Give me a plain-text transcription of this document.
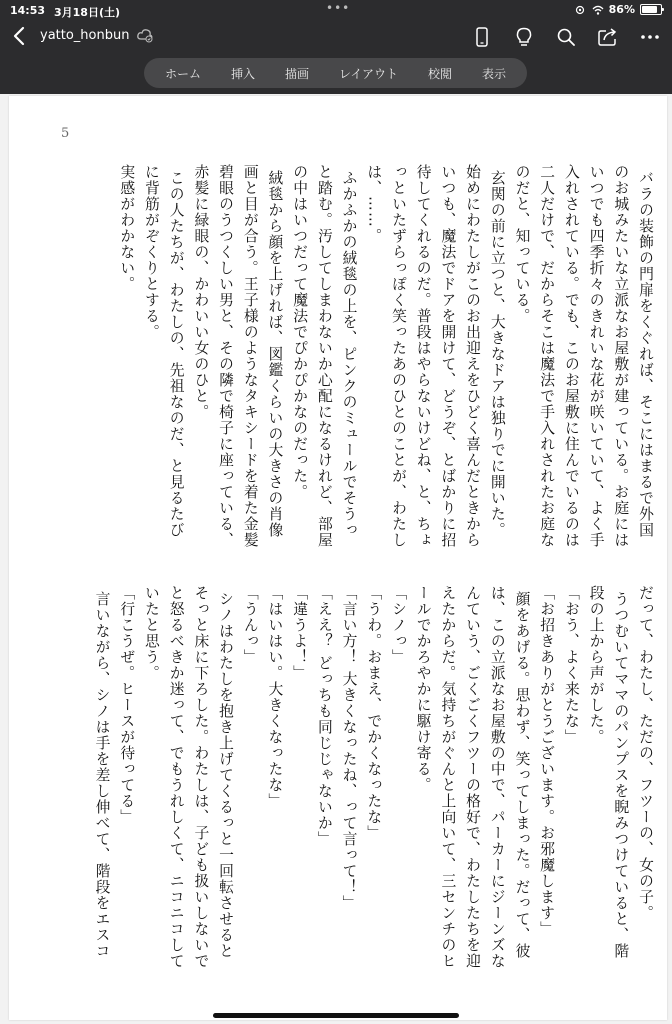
14:53 3月18日(土)	•••	86%
yatto_honbun
ホーム	挿入	描画	レイアウト	校閲	表示
5
バラの装飾の門扉をくぐれば、そこにはまるで外国
のお城みたいな立派なお屋敷が建っている。お庭には
いつでも四季折々のきれいな花が咲いていて、よく手
入れされている。でも、このお屋敷に住んでいるのは
二人だけで、だからそこは魔法で手入れされたお庭な
のだと、知っている。
玄関の前に立つと、大きなドアは独りでに開いた。
始めにわたしがこのお出迎えをひどく喜んだときから
いつも、魔法でドアを開けて、どうぞ、とばかりに招
待してくれるのだ。普段はやらないけどね、と、ちょ
っといたずらっぽく笑ったあのひとのことが、わたし
は、……。
ふかふかの絨毯の上を、ピンクのミュールでそうっ
と踏む。汚してしまわないか心配になるけれど、部屋
の中はいつだって魔法でぴかぴかなのだった。
絨毯から顔を上げれば、図鑑くらいの大きさの肖像
画と目が合う。王子様のようなタキシードを着た金髪
碧眼のうつくしい男と、その隣で椅子に座っている、
赤髪に緑眼の、かわいい女のひと。
この人たちが、わたしの、先祖なのだ、と見るたび
に背筋がぞくりとする。
実感がわかない。
だって、わたし、ただの、フツーの、女の子。
うつむいてママのパンプスを睨みつけていると、階
段の上から声がした。
「おう、よく来たな」
「お招きありがとうございます。お邪魔します」
顔をあげる。思わず、笑ってしまった。だって、彼
は、この立派なお屋敷の中で、パーカーにジーンズな
んていう、ごくごくフツーの格好で、わたしたちを迎
えたからだ。気持ちがぐんと上向いて、三センチのヒ
ールでかろやかに駆け寄る。
「シノっ」
「うわ。おまえ、でかくなったな」
「言い方！ 大きくなったね、って言って！」
「ええ？ どっちも同じじゃないか」
「違うよ！」
「はいはい。大きくなったな」
「うんっ」
シノはわたしを抱き上げてくるっと一回転させると
そっと床に下ろした。わたしは、子ども扱いしないで
と怒るべきか迷って、でもうれしくて、ニコニコして
いたと思う。
「行こうぜ。ヒースが待ってる」
言いながら、シノは手を差し伸べて、階段をエスコ
